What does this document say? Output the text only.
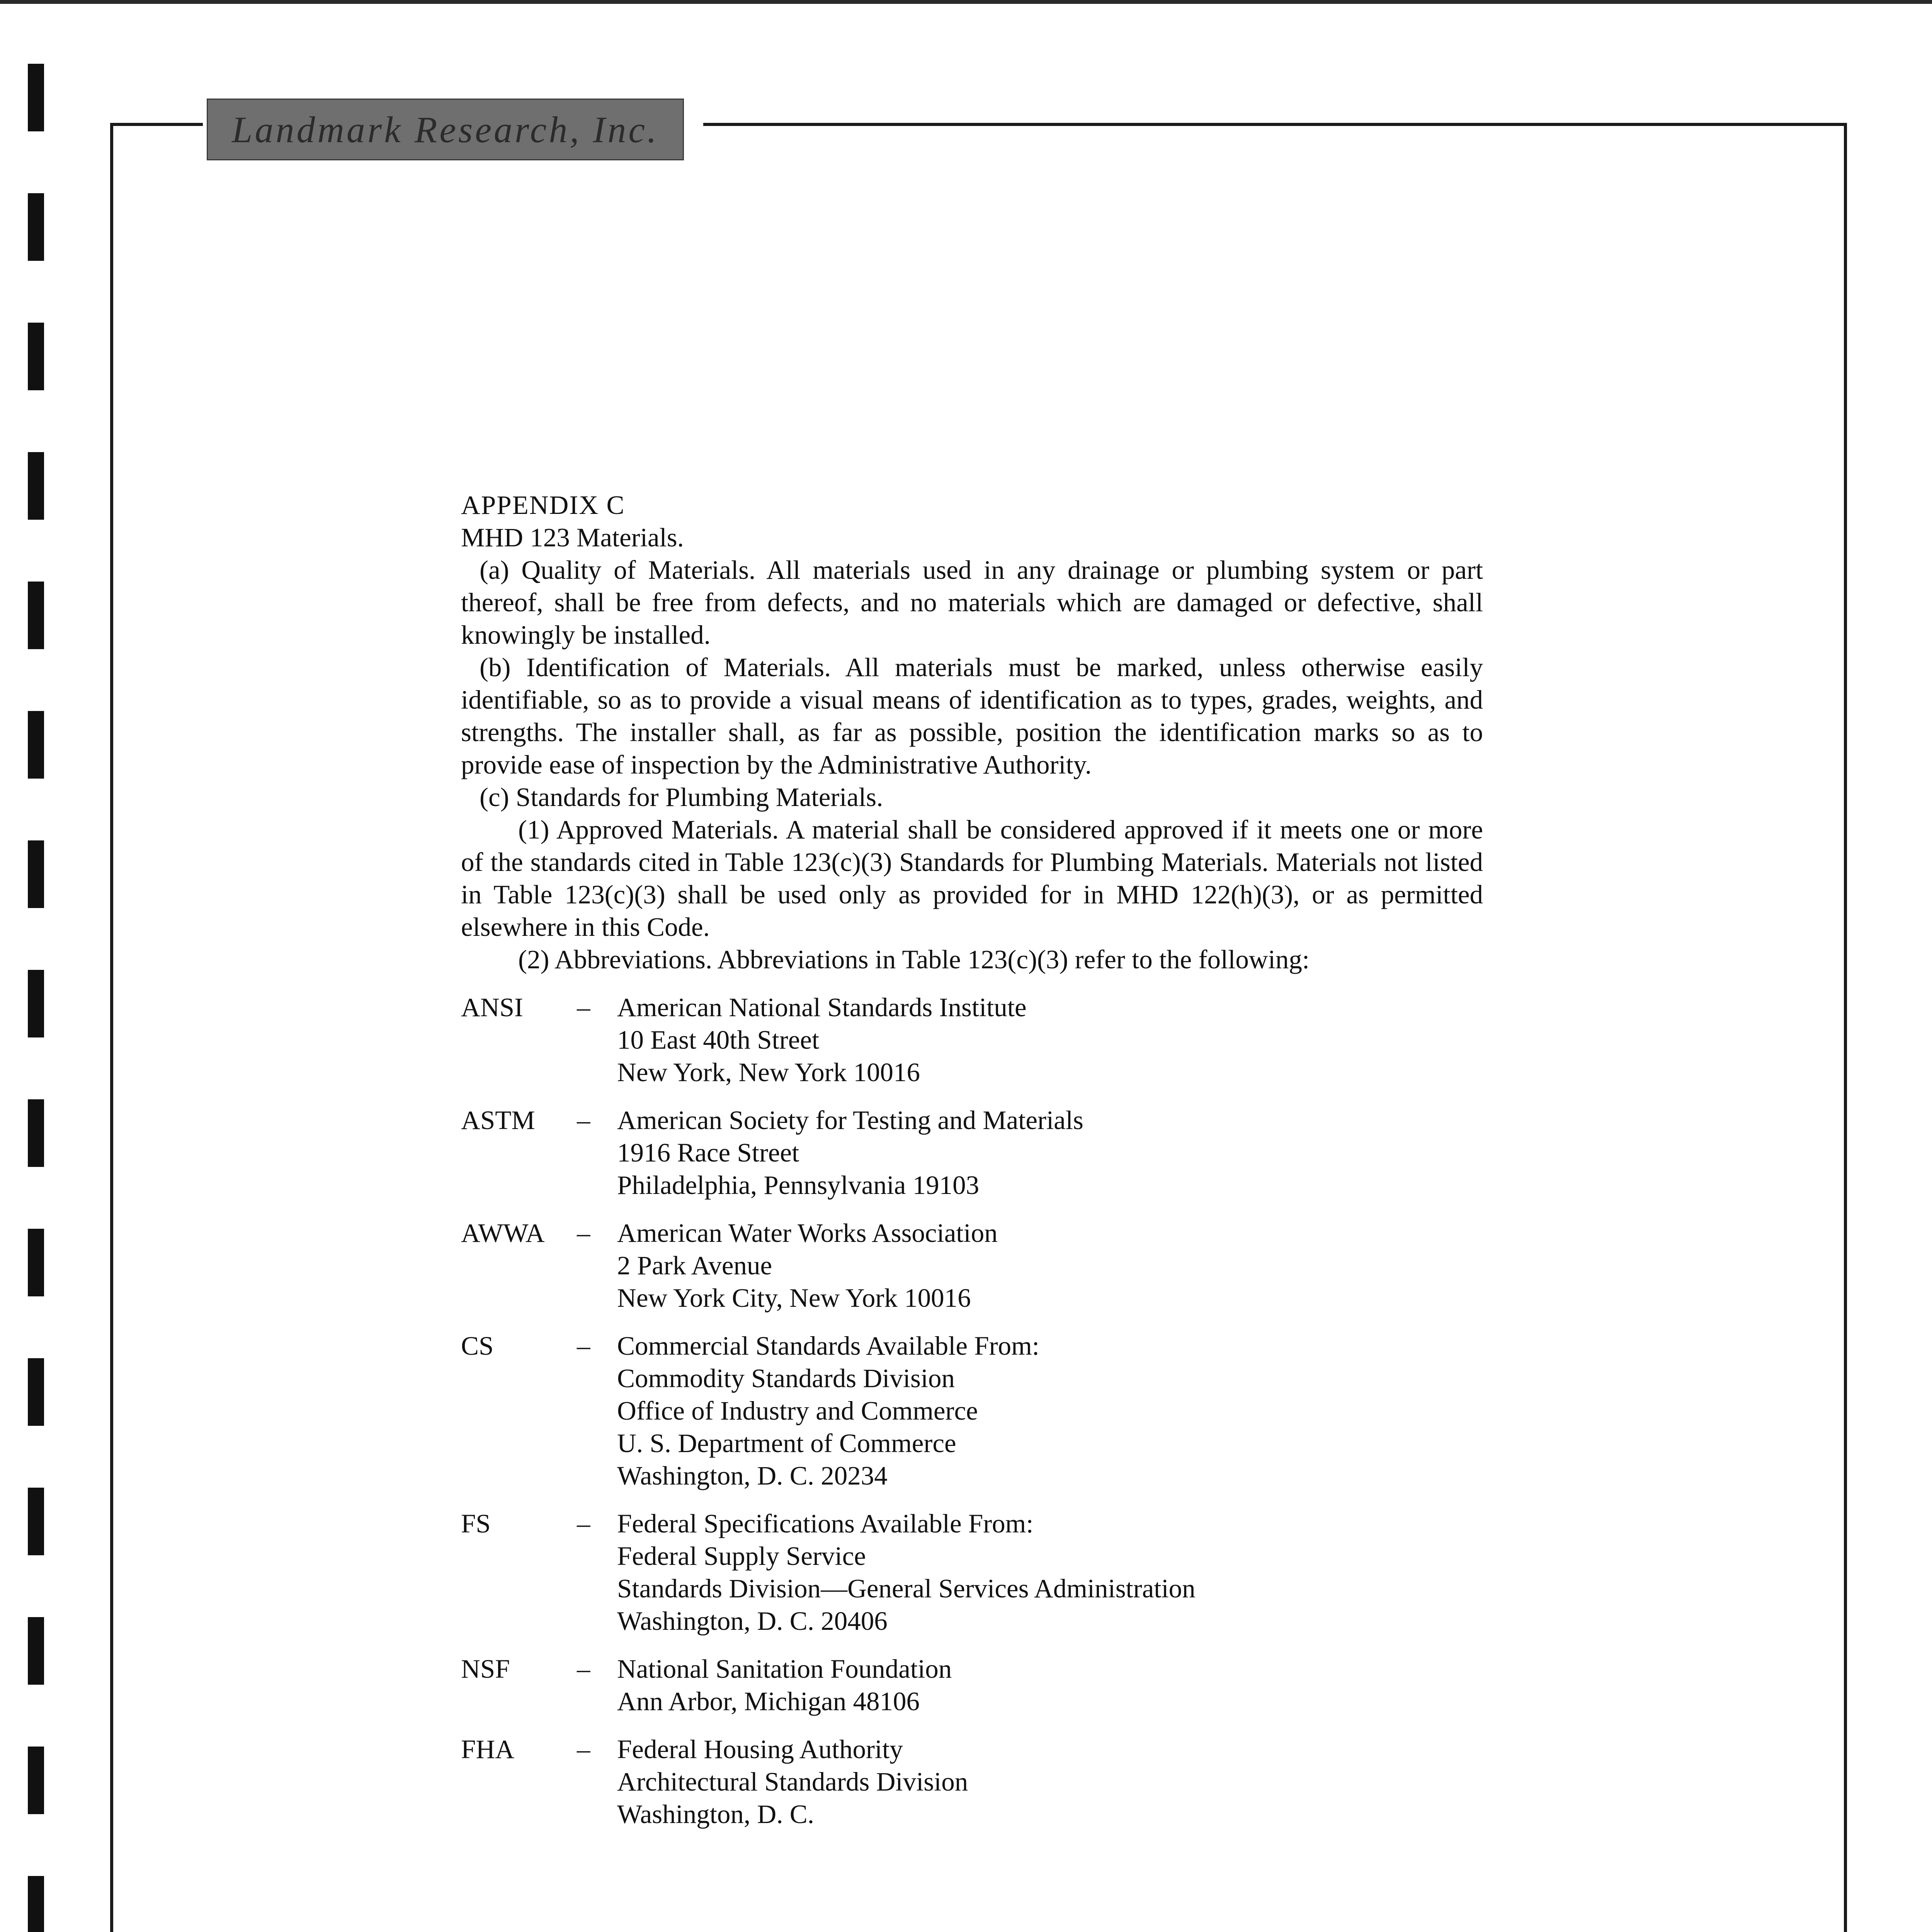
Landmark Research, Inc.

APPENDIX C

MHD 123 Materials.

(a) Quality of Materials. All materials used in any drainage or plumbing system or part thereof, shall be free from defects, and no materials which are damaged or defective, shall knowingly be installed.

(b) Identification of Materials. All materials must be marked, unless otherwise easily identifiable, so as to provide a visual means of identification as to types, grades, weights, and strengths. The installer shall, as far as possible, position the identification marks so as to provide ease of inspection by the Administrative Authority.

(c) Standards for Plumbing Materials.

(1) Approved Materials. A material shall be considered approved if it meets one or more of the standards cited in Table 123(c)(3) Standards for Plumbing Materials. Materials not listed in Table 123(c)(3) shall be used only as provided for in MHD 122(h)(3), or as permitted elsewhere in this Code.

(2) Abbreviations. Abbreviations in Table 123(c)(3) refer to the following:

ANSI	–	American National Standards Institute
10 East 40th Street
New York, New York 10016
ASTM	–	American Society for Testing and Materials
1916 Race Street
Philadelphia, Pennsylvania 19103
AWWA	–	American Water Works Association
2 Park Avenue
New York City, New York 10016
CS	–	Commercial Standards Available From:
Commodity Standards Division
Office of Industry and Commerce
U. S. Department of Commerce
Washington, D. C. 20234
FS	–	Federal Specifications Available From:
Federal Supply Service
Standards Division—General Services Administration
Washington, D. C. 20406
NSF	–	National Sanitation Foundation
Ann Arbor, Michigan 48106
FHA	–	Federal Housing Authority
Architectural Standards Division
Washington, D. C.
